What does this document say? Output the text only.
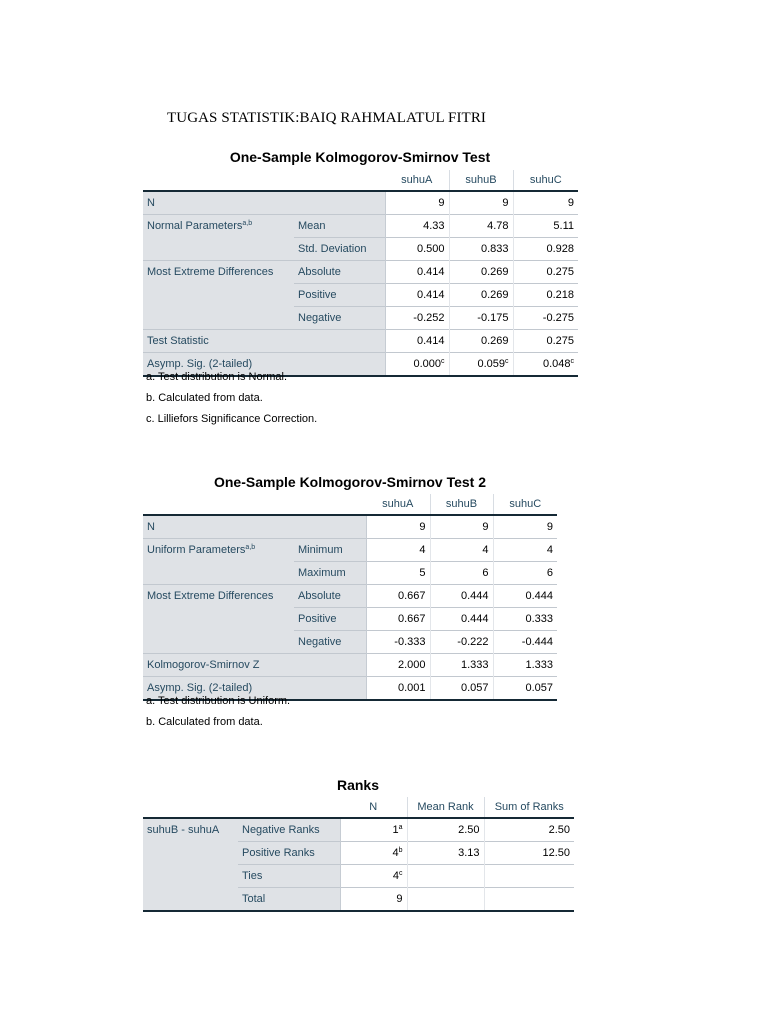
TUGAS STATISTIK:BAIQ RAHMALATUL FITRI
One-Sample Kolmogorov-Smirnov Test
		suhuA	suhuB	suhuC
N		9	9	9
Normal Parameters$^{a,b}$	Mean	4.33	4.78	5.11
	Std. Deviation	0.500	0.833	0.928
Most Extreme Differences	Absolute	0.414	0.269	0.275
	Positive	0.414	0.269	0.218
	Negative	-0.252	-0.175	-0.275
Test Statistic		0.414	0.269	0.275
Asymp. Sig. (2-tailed)		0.000$^c$	0.059$^c$	0.048$^c$
a. Test distribution is Normal.
b. Calculated from data.
c. Lilliefors Significance Correction.
One-Sample Kolmogorov-Smirnov Test 2
		suhuA	suhuB	suhuC
N		9	9	9
Uniform Parameters$^{a,b}$	Minimum	4	4	4
	Maximum	5	6	6
Most Extreme Differences	Absolute	0.667	0.444	0.444
	Positive	0.667	0.444	0.333
	Negative	-0.333	-0.222	-0.444
Kolmogorov-Smirnov Z		2.000	1.333	1.333
Asymp. Sig. (2-tailed)		0.001	0.057	0.057
a. Test distribution is Uniform.
b. Calculated from data.
Ranks
		N	Mean Rank	Sum of Ranks
suhuB - suhuA	Negative Ranks	1$^a$	2.50	2.50
	Positive Ranks	4$^b$	3.13	12.50
	Ties	4$^c$		
	Total	9		
